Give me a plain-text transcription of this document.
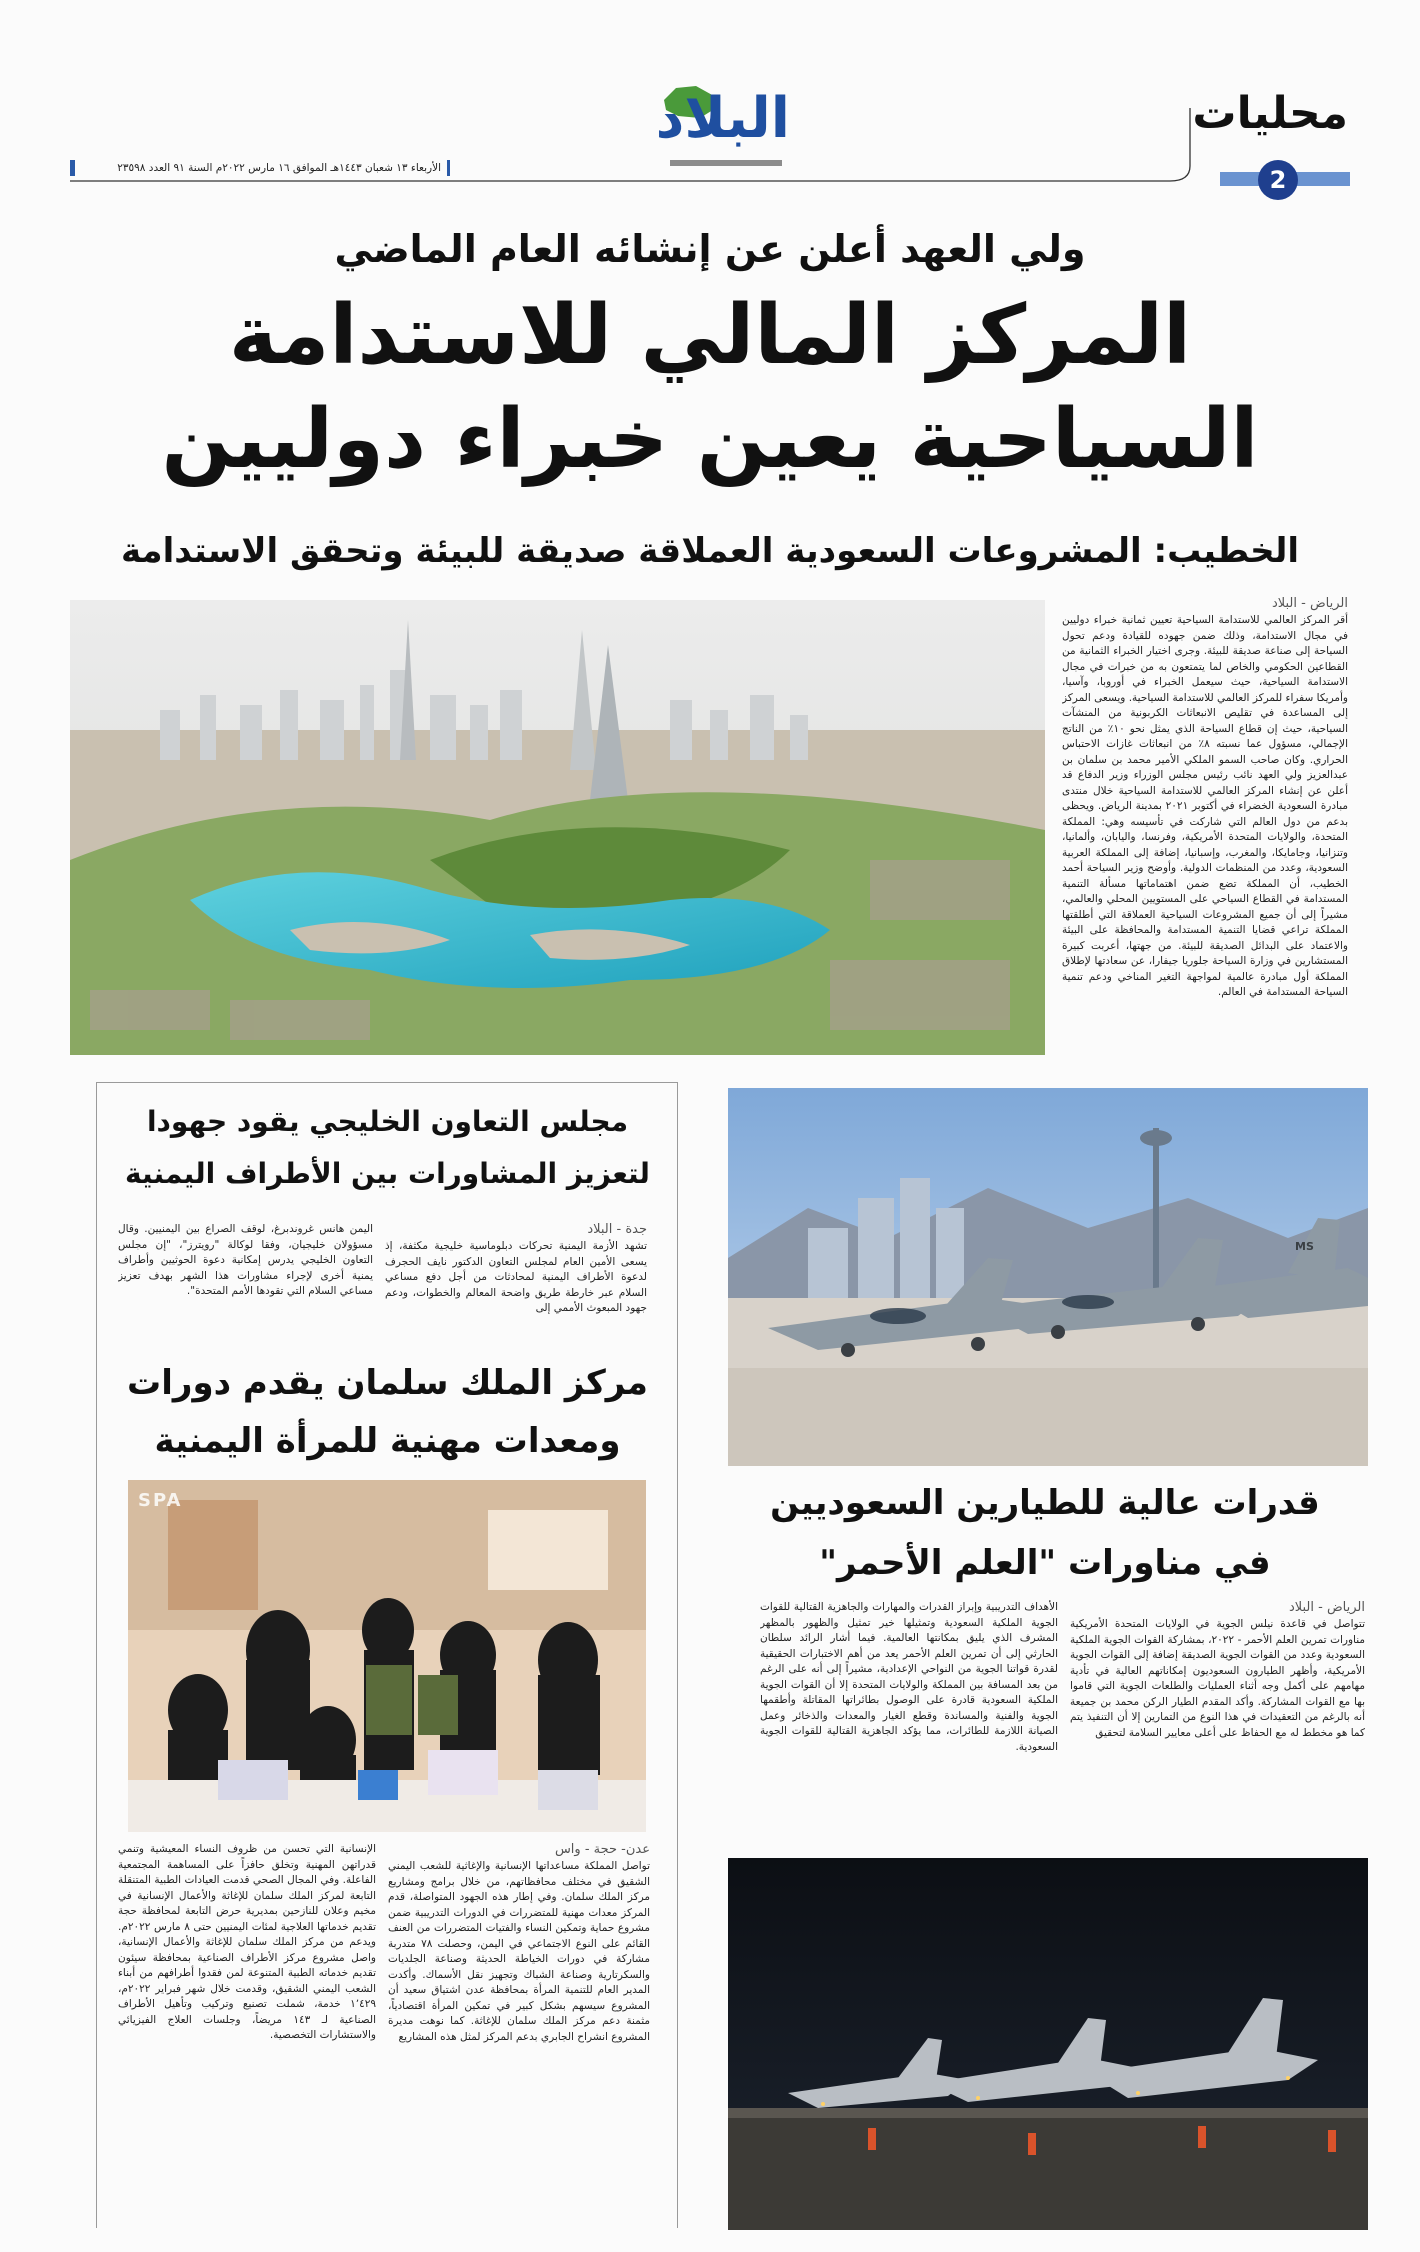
محليات
2
البلاد
الأربعاء ١٣ شعبان ١٤٤٣هـ الموافق ١٦ مارس ٢٠٢٢م السنة ٩١ العدد ٢٣٥٩٨
ولي العهد أعلن عن إنشائه العام الماضي
المركز المالي للاستدامة
السياحية يعين خبراء دوليين
الخطيب: المشروعات السعودية العملاقة صديقة للبيئة وتحقق الاستدامة
الرياض - البلاد

أقر المركز العالمي للاستدامة السياحية تعيين ثمانية خبراء دوليين في مجال الاستدامة، وذلك ضمن جهوده للقيادة ودعم تحول السياحة إلى صناعة صديقة للبيئة. وجرى اختيار الخبراء الثمانية من القطاعين الحكومي والخاص لما يتمتعون به من خبرات في مجال الاستدامة السياحية، حيث سيعمل الخبراء في أوروبا، وآسيا، وأمريكا سفراء للمركز العالمي للاستدامة السياحية. ويسعى المركز إلى المساعدة في تقليص الانبعاثات الكربونية من المنشآت السياحية، حيث إن قطاع السياحة الذي يمثل نحو ١٠٪ من الناتج الإجمالي، مسؤول عما نسبته ٨٪ من انبعاثات غازات الاحتباس الحراري. وكان صاحب السمو الملكي الأمير محمد بن سلمان بن عبدالعزيز ولي العهد نائب رئيس مجلس الوزراء وزير الدفاع قد أعلن عن إنشاء المركز العالمي للاستدامة السياحية خلال منتدى مبادرة السعودية الخضراء في أكتوبر ٢٠٢١ بمدينة الرياض. ويحظى بدعم من دول العالم التي شاركت في تأسيسه وهي: المملكة المتحدة، والولايات المتحدة الأمريكية، وفرنسا، واليابان، وألمانيا، وتنزانيا، وجامايكا، والمغرب، وإسبانيا، إضافة إلى المملكة العربية السعودية، وعدد من المنظمات الدولية. وأوضح وزير السياحة أحمد الخطيب، أن المملكة تضع ضمن اهتماماتها مسألة التنمية المستدامة في القطاع السياحي على المستويين المحلي والعالمي، مشيراً إلى أن جميع المشروعات السياحية العملاقة التي أطلقتها المملكة تراعي قضايا التنمية المستدامة والمحافظة على البيئة والاعتماد على البدائل الصديقة للبيئة. من جهتها، أعربت كبيرة المستشارين في وزارة السياحة جلوريا جيفارا، عن سعادتها لإطلاق المملكة أول مبادرة عالمية لمواجهة التغير المناخي ودعم تنمية السياحة المستدامة في العالم.

مجلس التعاون الخليجي يقود جهودا
لتعزيز المشاورات بين الأطراف اليمنية
جدة - البلاد

تشهد الأزمة اليمنية تحركات دبلوماسية خليجية مكثفة، إذ يسعى الأمين العام لمجلس التعاون الدكتور نايف الحجرف لدعوة الأطراف اليمنية لمحادثات من أجل دفع مساعي السلام عبر خارطة طريق واضحة المعالم والخطوات، ودعم جهود المبعوث الأممي إلى

اليمن هانس غروندبرغ، لوقف الصراع بين اليمنيين. وقال مسؤولان خليجيان، وفقا لوكالة "رويترز"، "إن مجلس التعاون الخليجي يدرس إمكانية دعوة الحوثيين وأطراف يمنية أخرى لإجراء مشاورات هذا الشهر بهدف تعزيز مساعي السلام التي تقودها الأمم المتحدة".

مركز الملك سلمان يقدم دورات
ومعدات مهنية للمرأة اليمنية
SPA
عدن- حجة - واس

تواصل المملكة مساعداتها الإنسانية والإغاثية للشعب اليمني الشقيق في مختلف محافظاتهم، من خلال برامج ومشاريع مركز الملك سلمان. وفي إطار هذه الجهود المتواصلة، قدم المركز معدات مهنية للمتضررات في الدورات التدريبية ضمن مشروع حماية وتمكين النساء والفتيات المتضررات من العنف القائم على النوع الاجتماعي في اليمن، وحصلت ٧٨ متدربة مشاركة في دورات الخياطة الحديثة وصناعة الجلديات والسكرتارية وصناعة الشباك وتجهيز نقل الأسماك. وأكدت المدير العام للتنمية المرأة بمحافظة عدن اشتياق سعيد أن المشروع سيسهم بشكل كبير في تمكين المرأة اقتصادياً، مثمنة دعم مركز الملك سلمان للإغاثة. كما نوهت مديرة المشروع انشراح الجابري بدعم المركز لمثل هذه المشاريع

الإنسانية التي تحسن من ظروف النساء المعيشية وتنمي قدراتهن المهنية وتخلق حافزاً على المساهمة المجتمعية الفاعلة. وفي المجال الصحي قدمت العيادات الطبية المتنقلة التابعة لمركز الملك سلمان للإغاثة والأعمال الإنسانية في مخيم وعلان للنازحين بمديرية حرض التابعة لمحافظة حجة تقديم خدماتها العلاجية لمئات اليمنيين حتى ٨ مارس ٢٠٢٢م. ويدعم من مركز الملك سلمان للإغاثة والأعمال الإنسانية، واصل مشروع مركز الأطراف الصناعية بمحافظة سيئون تقديم خدماته الطبية المتنوعة لمن فقدوا أطرافهم من أبناء الشعب اليمني الشقيق، وقدمت خلال شهر فبراير ٢٠٢٢م، ١٬٤٢٩ خدمة، شملت تصنيع وتركيب وتأهيل الأطراف الصناعية لـ ١٤٣ مريضاً، وجلسات العلاج الفيزيائي والاستشارات التخصصية.

MS
قدرات عالية للطيارين السعوديين
في مناورات "العلم الأحمر"
الرياض - البلاد

تتواصل في قاعدة نيلس الجوية في الولايات المتحدة الأمريكية مناورات تمرين العلم الأحمر - ٢٠٢٢، بمشاركة القوات الجوية الملكية السعودية وعدد من القوات الجوية الصديقة إضافة إلى القوات الجوية الأمريكية، وأظهر الطيارون السعوديون إمكاناتهم العالية في تأدية مهامهم على أكمل وجه أثناء العمليات والطلعات الجوية التي قاموا بها مع القوات المشاركة. وأكد المقدم الطيار الركن محمد بن جميعة أنه بالرغم من التعقيدات في هذا النوع من التمارين إلا أن التنفيذ يتم كما هو مخطط له مع الحفاظ على أعلى معايير السلامة لتحقيق

الأهداف التدريبية وإبراز القدرات والمهارات والجاهزية القتالية للقوات الجوية الملكية السعودية وتمثيلها خير تمثيل والظهور بالمظهر المشرف الذي يليق بمكانتها العالمية. فيما أشار الرائد سلطان الحارثي إلى أن تمرين العلم الأحمر يعد من أهم الاختبارات الحقيقية لقدرة قواتنا الجوية من النواحي الإعدادية، مشيراً إلى أنه على الرغم من بعد المسافة بين المملكة والولايات المتحدة إلا أن القوات الجوية الملكية السعودية قادرة على الوصول بطائراتها المقاتلة وأطقمها الجوية والفنية والمساندة وقطع الغيار والمعدات والذخائر وعمل الصيانة اللازمة للطائرات، مما يؤكد الجاهزية القتالية للقوات الجوية السعودية.
